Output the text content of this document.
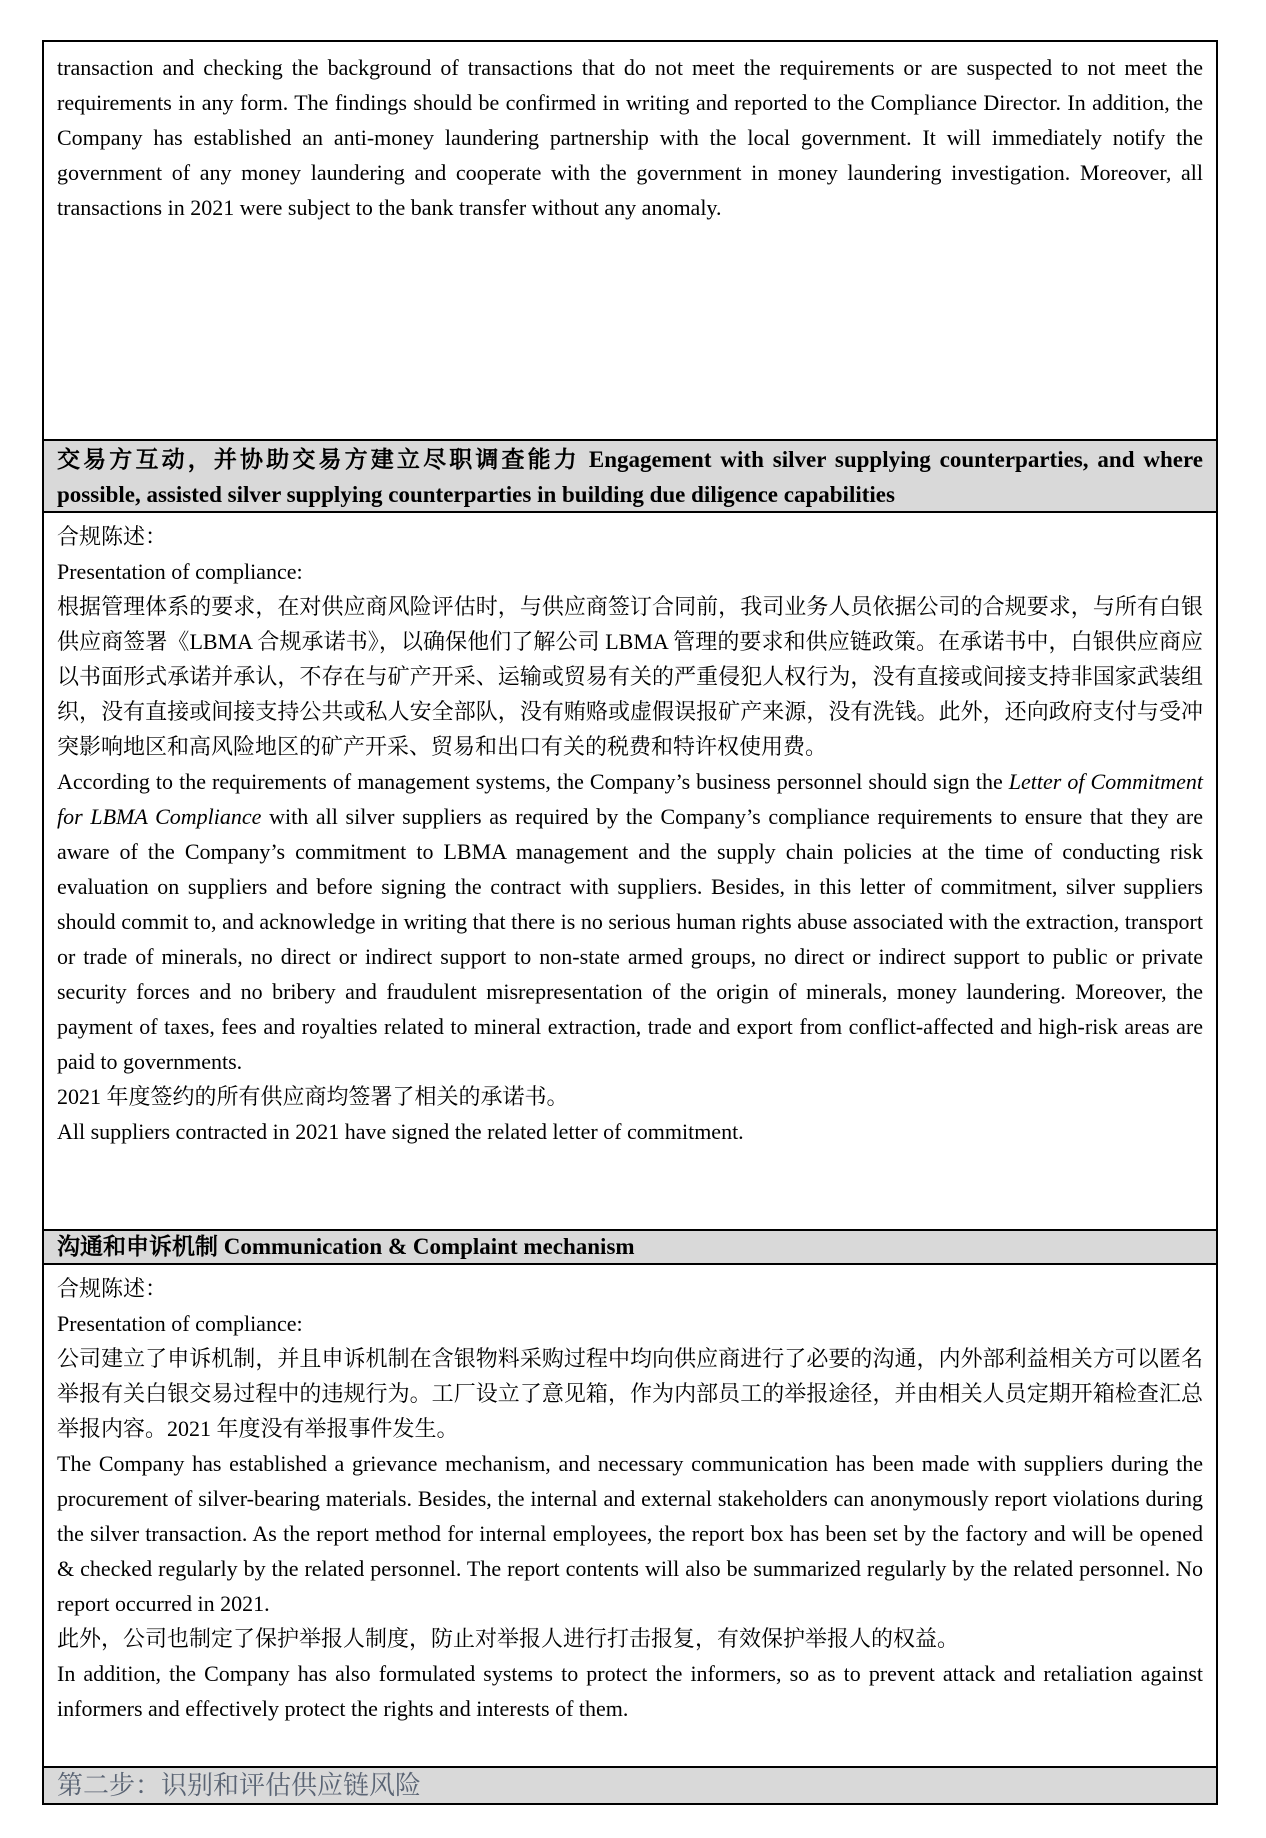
transaction and checking the background of transactions that do not meet the requirements or are suspected to not meet the requirements in any form. The findings should be confirmed in writing and reported to the Compliance Director. In addition, the Company has established an anti-money laundering partnership with the local government. It will immediately notify the government of any money laundering and cooperate with the government in money laundering investigation. Moreover, all transactions in 2021 were subject to the bank transfer without any anomaly.

交易方互动，并协助交易方建立尽职调查能力 Engagement with silver supplying counterparties, and where possible, assisted silver supplying counterparties in building due diligence capabilities

合规陈述：

Presentation of compliance:

根据管理体系的要求，在对供应商风险评估时，与供应商签订合同前，我司业务人员依据公司的合规要求，与所有白银供应商签署《LBMA 合规承诺书》，以确保他们了解公司 LBMA 管理的要求和供应链政策。在承诺书中，白银供应商应以书面形式承诺并承认，不存在与矿产开采、运输或贸易有关的严重侵犯人权行为，没有直接或间接支持非国家武装组织，没有直接或间接支持公共或私人安全部队，没有贿赂或虚假误报矿产来源，没有洗钱。此外，还向政府支付与受冲突影响地区和高风险地区的矿产开采、贸易和出口有关的税费和特许权使用费。

According to the requirements of management systems, the Company’s business personnel should sign the Letter of Commitment for LBMA Compliance with all silver suppliers as required by the Company’s compliance requirements to ensure that they are aware of the Company’s commitment to LBMA management and the supply chain policies at the time of conducting risk evaluation on suppliers and before signing the contract with suppliers. Besides, in this letter of commitment, silver suppliers should commit to, and acknowledge in writing that there is no serious human rights abuse associated with the extraction, transport or trade of minerals, no direct or indirect support to non-state armed groups, no direct or indirect support to public or private security forces and no bribery and fraudulent misrepresentation of the origin of minerals, money laundering. Moreover, the payment of taxes, fees and royalties related to mineral extraction, trade and export from conflict-affected and high-risk areas are paid to governments.

2021 年度签约的所有供应商均签署了相关的承诺书。

All suppliers contracted in 2021 have signed the related letter of commitment.

沟通和申诉机制 Communication & Complaint mechanism

合规陈述：

Presentation of compliance:

公司建立了申诉机制，并且申诉机制在含银物料采购过程中均向供应商进行了必要的沟通，内外部利益相关方可以匿名举报有关白银交易过程中的违规行为。工厂设立了意见箱，作为内部员工的举报途径，并由相关人员定期开箱检查汇总举报内容。2021 年度没有举报事件发生。

The Company has established a grievance mechanism, and necessary communication has been made with suppliers during the procurement of silver-bearing materials. Besides, the internal and external stakeholders can anonymously report violations during the silver transaction. As the report method for internal employees, the report box has been set by the factory and will be opened & checked regularly by the related personnel. The report contents will also be summarized regularly by the related personnel. No report occurred in 2021.

此外，公司也制定了保护举报人制度，防止对举报人进行打击报复，有效保护举报人的权益。

In addition, the Company has also formulated systems to protect the informers, so as to prevent attack and retaliation against informers and effectively protect the rights and interests of them.

第二步：识别和评估供应链风险
